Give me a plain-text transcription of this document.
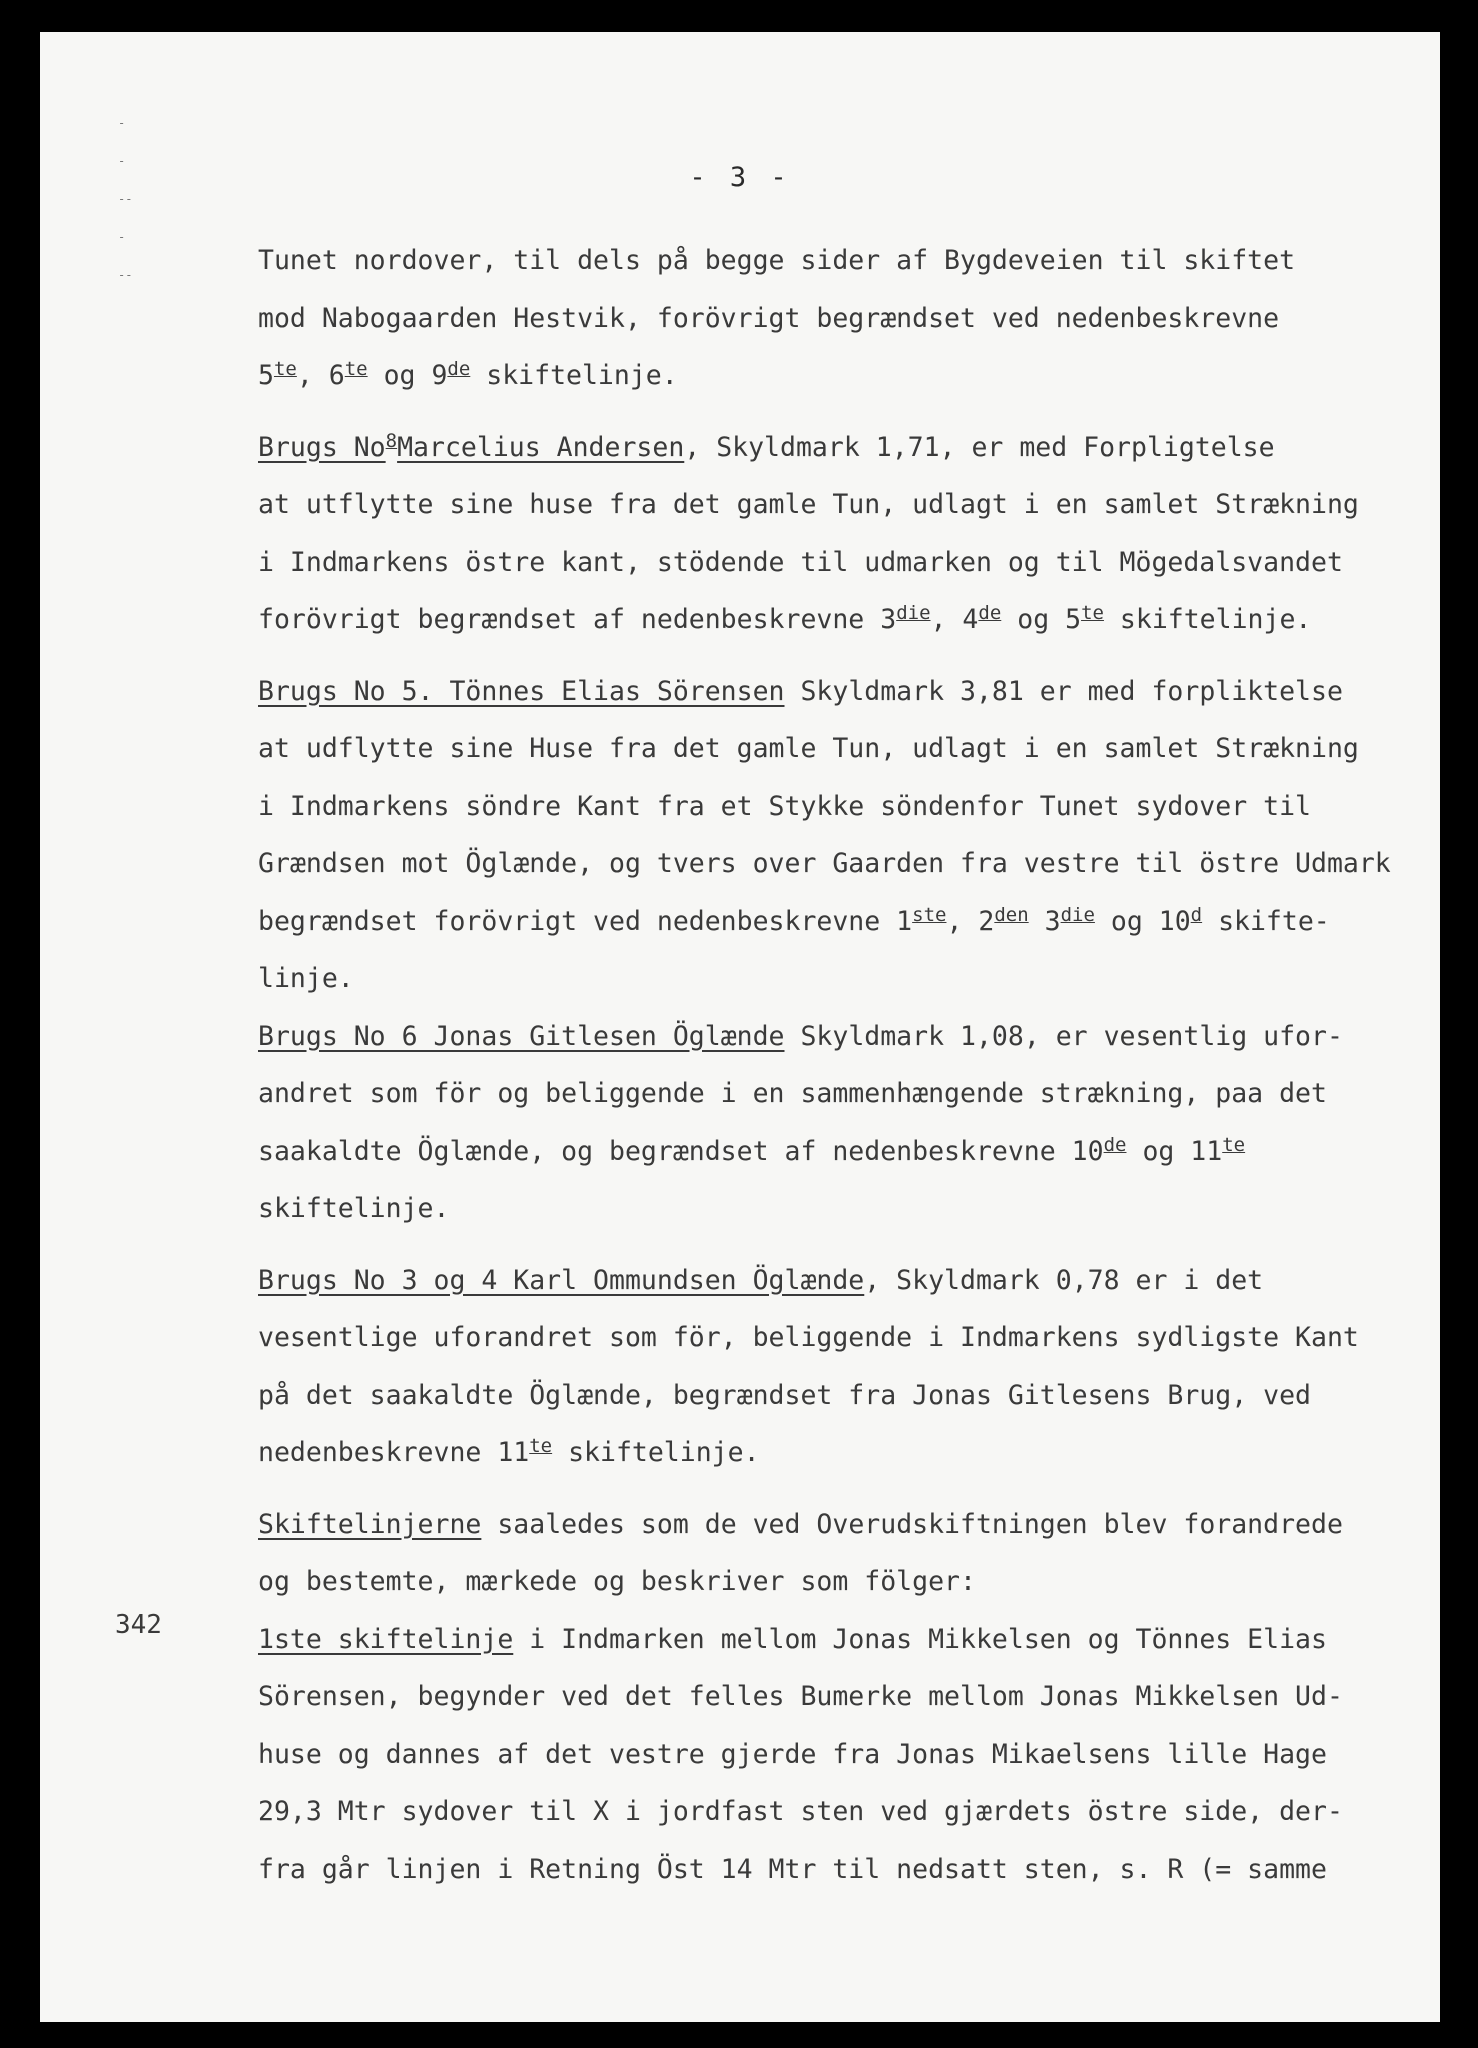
-
-
--
-
--
- 3 -

Tunet nordover, til dels på begge sider af Bygdeveien til skiftet

mod Nabogaarden Hestvik, forövrigt begrændset ved nedenbeskrevne

$5^{te}$, $6^{te}$ og 9de skiftelinje.

Brugs No$^8$Marcelius Andersen, Skyldmark 1,71, er med Forpligtelse

at utflytte sine huse fra det gamle Tun, udlagt i en samlet Strækning

i Indmarkens östre kant, stödende til udmarken og til Mögedalsvandet

forövrigt begrændset af nedenbeskrevne $3^{die}$, 4de og $5^{te}$ skiftelinje.

Brugs No 5. Tönnes Elias Sörensen Skyldmark 3,81 er med forpliktelse

at udflytte sine Huse fra det gamle Tun, udlagt i en samlet Strækning

i Indmarkens söndre Kant fra et Stykke söndenfor Tunet sydover til

Grændsen mot Öglænde, og tvers over Gaarden fra vestre til östre Udmark

begrændset forövrigt ved nedenbeskrevne 1ste, $2^{den}$ $3^{die}$ og 10$^d$ skifte-

linje.

Brugs No 6 Jonas Gitlesen Öglænde Skyldmark 1,08, er vesentlig ufor-

andret som för og beliggende i en sammenhængende strækning, paa det

saakaldte Öglænde, og begrændset af nedenbeskrevne 10de og $11^{te}$

skiftelinje.

Brugs No 3 og 4 Karl Ommundsen Öglænde, Skyldmark 0,78 er i det

vesentlige uforandret som för, beliggende i Indmarkens sydligste Kant

på det saakaldte Öglænde, begrændset fra Jonas Gitlesens Brug, ved

nedenbeskrevne $11^{te}$ skiftelinje.

Skiftelinjerne saaledes som de ved Overudskiftningen blev forandrede

og bestemte, mærkede og beskriver som fölger:

1ste skiftelinje i Indmarken mellom Jonas Mikkelsen og Tönnes Elias

Sörensen, begynder ved det felles Bumerke mellom Jonas Mikkelsen Ud-

huse og dannes af det vestre gjerde fra Jonas Mikaelsens lille Hage

29,3 Mtr sydover til X i jordfast sten ved gjærdets östre side, der-

fra går linjen i Retning Öst 14 Mtr til nedsatt sten, s. R (= samme

342
